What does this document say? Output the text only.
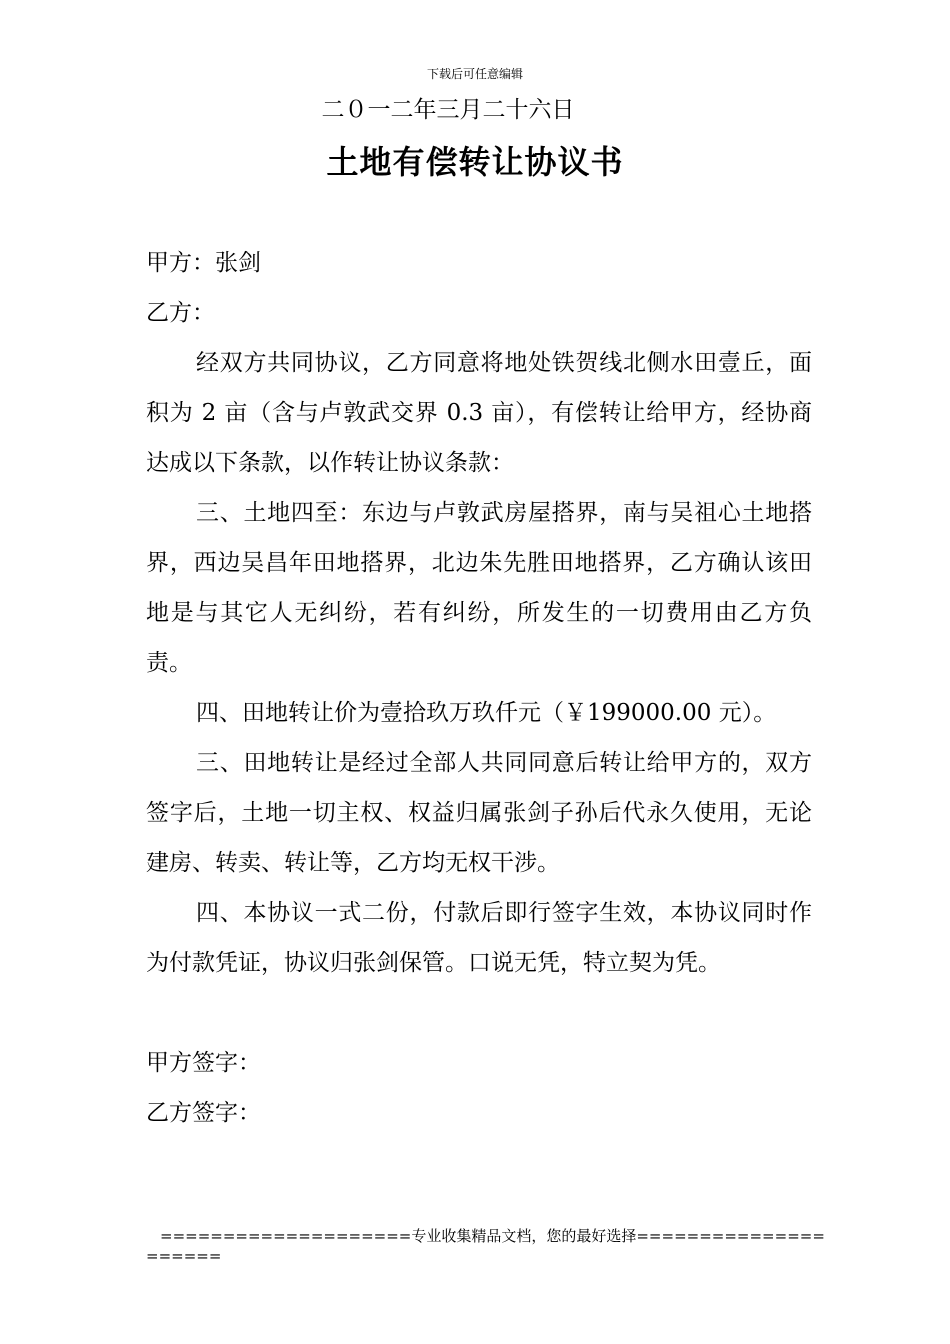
下载后可任意编辑
二０一二年三月二十六日
土地有偿转让协议书
甲方：张剑
乙方：
经双方共同协议，乙方同意将地处铁贺线北侧水田壹丘，面积为 2 亩（含与卢敦武交界 0.3 亩），有偿转让给甲方，经协商达成以下条款，以作转让协议条款：
三、土地四至：东边与卢敦武房屋搭界，南与吴祖心土地搭界，西边吴昌年田地搭界，北边朱先胜田地搭界，乙方确认该田地是与其它人无纠纷，若有纠纷，所发生的一切费用由乙方负责。
四、田地转让价为壹拾玖万玖仟元（￥199000.00 元）。
三、田地转让是经过全部人共同同意后转让给甲方的，双方签字后，土地一切主权、权益归属张剑子孙后代永久使用，无论建房、转卖、转让等，乙方均无权干涉。
四、本协议一式二份，付款后即行签字生效，本协议同时作为付款凭证，协议归张剑保管。口说无凭，特立契为凭。
甲方签字：
乙方签字：
====================专业收集精品文档，您的最好选择=====================
